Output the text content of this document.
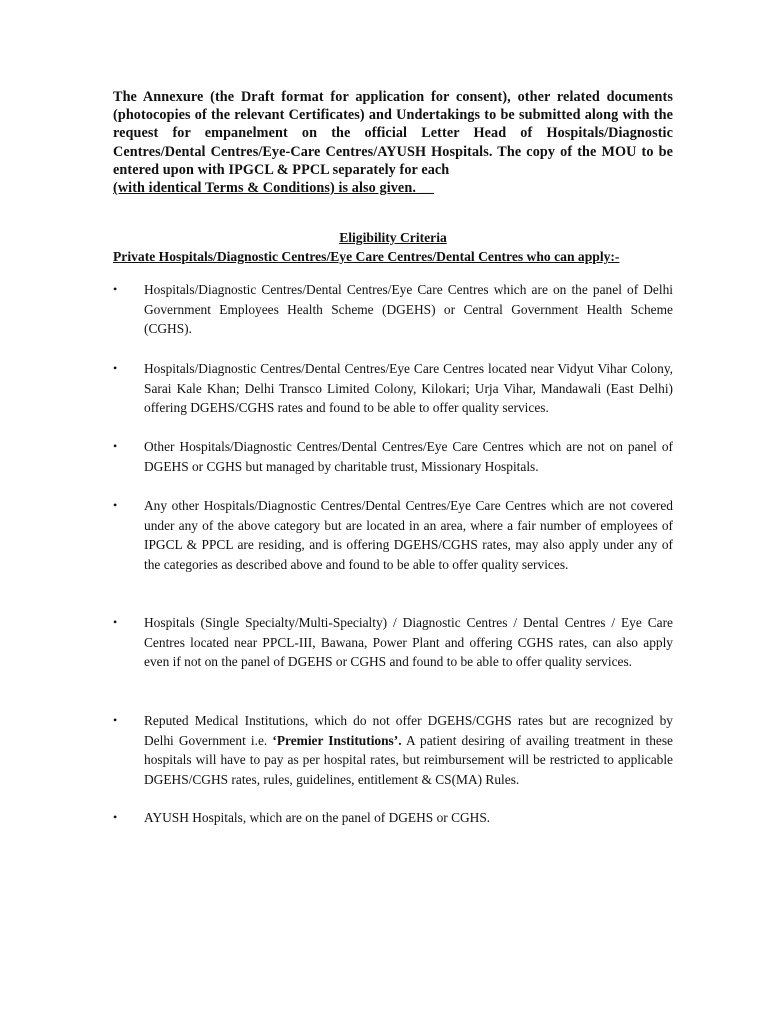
The Annexure (the Draft format for application for consent), other related documents (photocopies of the relevant Certificates) and Undertakings to be submitted along with the request for empanelment on the official Letter Head of Hospitals/Diagnostic Centres/Dental Centres/Eye-Care Centres/AYUSH Hospitals. The copy of the MOU to be entered upon with IPGCL & PPCL separately for each
(with identical Terms & Conditions) is also given. __
Eligibility Criteria
Private Hospitals/Diagnostic Centres/Eye Care Centres/Dental Centres who can apply:-
• Hospitals/Diagnostic Centres/Dental Centres/Eye Care Centres which are on the panel of Delhi Government Employees Health Scheme (DGEHS) or Central Government Health Scheme (CGHS).
• Hospitals/Diagnostic Centres/Dental Centres/Eye Care Centres located near Vidyut Vihar Colony, Sarai Kale Khan; Delhi Transco Limited Colony, Kilokari; Urja Vihar, Mandawali (East Delhi) offering DGEHS/CGHS rates and found to be able to offer quality services.
• Other Hospitals/Diagnostic Centres/Dental Centres/Eye Care Centres which are not on panel of DGEHS or CGHS but managed by charitable trust, Missionary Hospitals.
• Any other Hospitals/Diagnostic Centres/Dental Centres/Eye Care Centres which are not covered under any of the above category but are located in an area, where a fair number of employees of IPGCL & PPCL are residing, and is offering DGEHS/CGHS rates, may also apply under any of the categories as described above and found to be able to offer quality services.
• Hospitals (Single Specialty/Multi-Specialty) / Diagnostic Centres / Dental Centres / Eye Care Centres located near PPCL-III, Bawana, Power Plant and offering CGHS rates, can also apply even if not on the panel of DGEHS or CGHS and found to be able to offer quality services.
• Reputed Medical Institutions, which do not offer DGEHS/CGHS rates but are recognized by Delhi Government i.e. ‘Premier Institutions’. A patient desiring of availing treatment in these hospitals will have to pay as per hospital rates, but reimbursement will be restricted to applicable DGEHS/CGHS rates, rules, guidelines, entitlement & CS(MA) Rules.
• AYUSH Hospitals, which are on the panel of DGEHS or CGHS.
